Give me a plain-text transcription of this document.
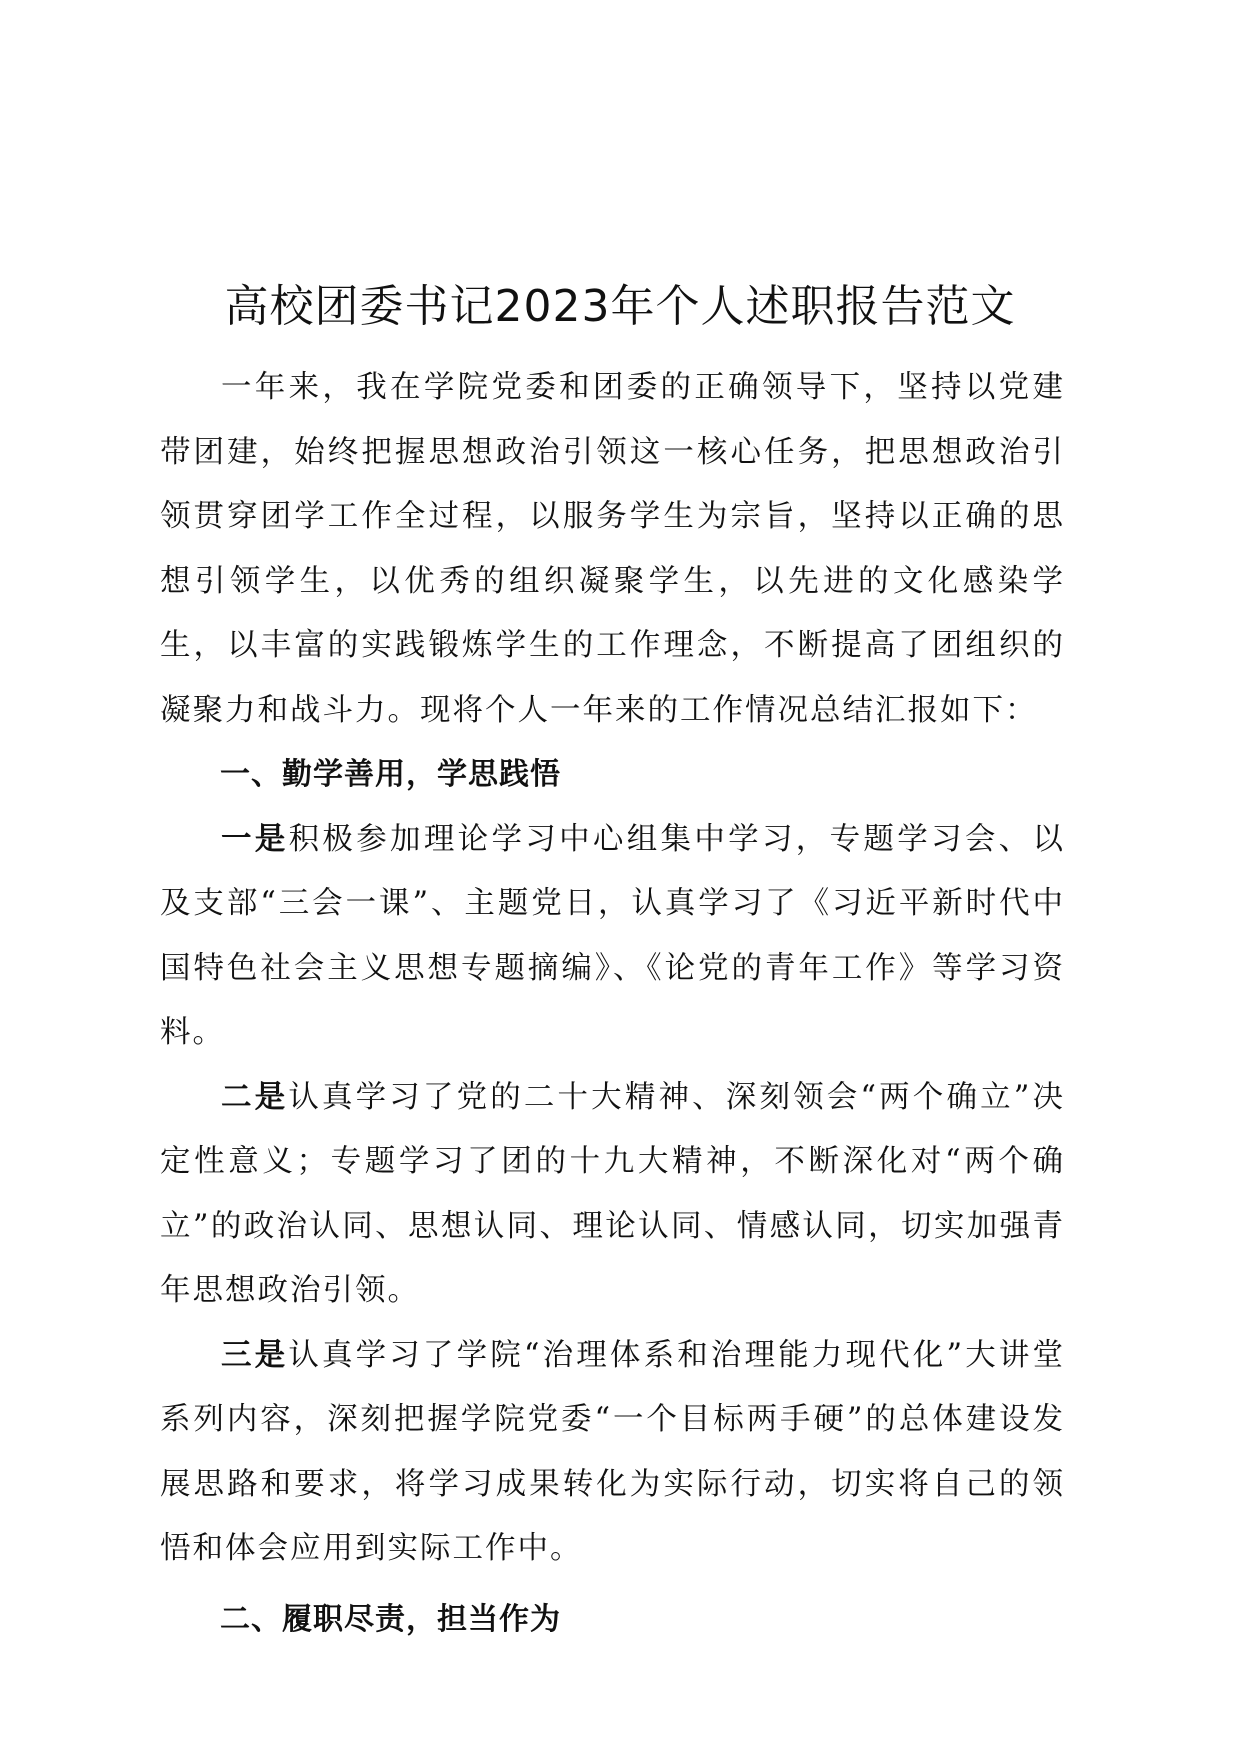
高校团委书记2023年个人述职报告范文

一年来，我在学院党委和团委的正确领导下，坚持以党建带团建，始终把握思想政治引领这一核心任务，把思想政治引领贯穿团学工作全过程，以服务学生为宗旨，坚持以正确的思想引领学生，以优秀的组织凝聚学生，以先进的文化感染学生，以丰富的实践锻炼学生的工作理念，不断提高了团组织的凝聚力和战斗力。现将个人一年来的工作情况总结汇报如下：

一、勤学善用，学思践悟

一是积极参加理论学习中心组集中学习，专题学习会、以及支部“三会一课”、主题党日，认真学习了《习近平新时代中国特色社会主义思想专题摘编》、《论党的青年工作》等学习资料。

二是认真学习了党的二十大精神、深刻领会“两个确立”决定性意义；专题学习了团的十九大精神，不断深化对“两个确立”的政治认同、思想认同、理论认同、情感认同，切实加强青年思想政治引领。

三是认真学习了学院“治理体系和治理能力现代化”大讲堂系列内容，深刻把握学院党委“一个目标两手硬”的总体建设发展思路和要求，将学习成果转化为实际行动，切实将自己的领悟和体会应用到实际工作中。

二、履职尽责，担当作为
